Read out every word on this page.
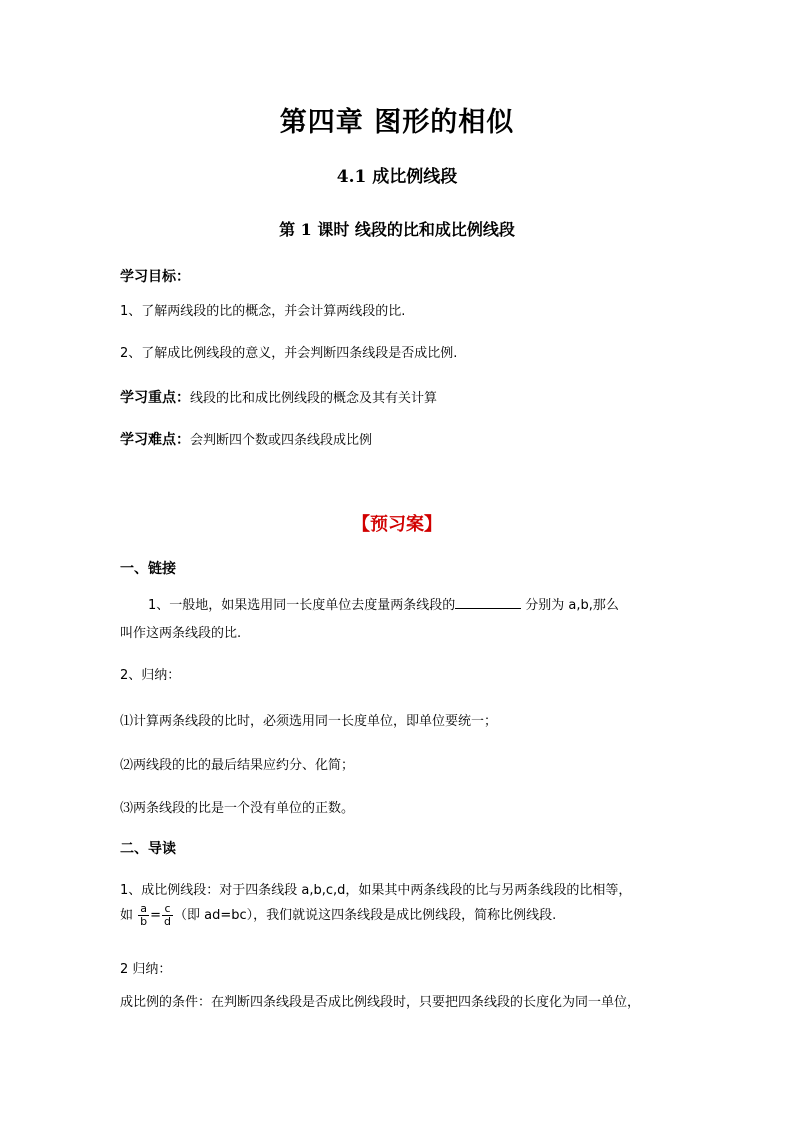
第四章 图形的相似
4.1 成比例线段
第 1 课时 线段的比和成比例线段
学习目标：
1、了解两线段的比的概念，并会计算两线段的比.
2、了解成比例线段的意义，并会判断四条线段是否成比例.
学习重点：线段的比和成比例线段的概念及其有关计算
学习难点：会判断四个数或四条线段成比例
【预习案】
一、链接
1、一般地，如果选用同一长度单位去度量两条线段的	分别为 a,b,那么
叫作这两条线段的比.
2、归纳：
⑴计算两条线段的比时，必须选用同一长度单位，即单位要统一；
⑵两线段的比的最后结果应约分、化简；
⑶两条线段的比是一个没有单位的正数。
二、导读
1、成比例线段：对于四条线段 a,b,c,d，如果其中两条线段的比与另两条线段的比相等，
如 $\frac{a}{b} = \frac{c}{d}$ （即 ad=bc），我们就说这四条线段是成比例线段，简称比例线段.
2 归纳：
成比例的条件：在判断四条线段是否成比例线段时，只要把四条线段的长度化为同一单位，
